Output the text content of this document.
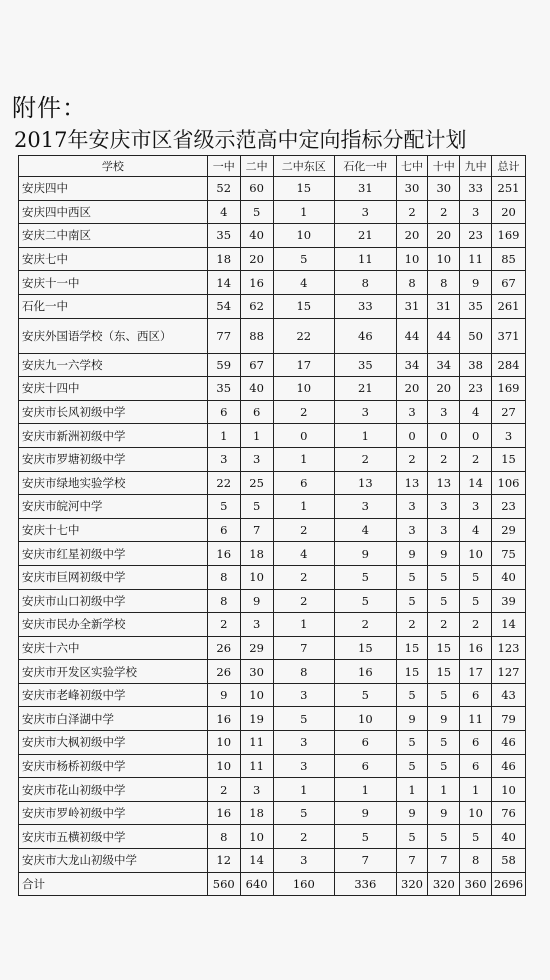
附件：
2017年安庆市区省级示范高中定向指标分配计划
学校	一中	二中	二中东区	石化一中	七中	十中	九中	总计
安庆四中	52	60	15	31	30	30	33	251
安庆四中西区	4	5	1	3	2	2	3	20
安庆二中南区	35	40	10	21	20	20	23	169
安庆七中	18	20	5	11	10	10	11	85
安庆十一中	14	16	4	8	8	8	9	67
石化一中	54	62	15	33	31	31	35	261
安庆外国语学校（东、西区）	77	88	22	46	44	44	50	371
安庆九一六学校	59	67	17	35	34	34	38	284
安庆十四中	35	40	10	21	20	20	23	169
安庆市长风初级中学	6	6	2	3	3	3	4	27
安庆市新洲初级中学	1	1	0	1	0	0	0	3
安庆市罗塘初级中学	3	3	1	2	2	2	2	15
安庆市绿地实验学校	22	25	6	13	13	13	14	106
安庆市皖河中学	5	5	1	3	3	3	3	23
安庆十七中	6	7	2	4	3	3	4	29
安庆市红星初级中学	16	18	4	9	9	9	10	75
安庆市巨网初级中学	8	10	2	5	5	5	5	40
安庆市山口初级中学	8	9	2	5	5	5	5	39
安庆市民办全新学校	2	3	1	2	2	2	2	14
安庆十六中	26	29	7	15	15	15	16	123
安庆市开发区实验学校	26	30	8	16	15	15	17	127
安庆市老峰初级中学	9	10	3	5	5	5	6	43
安庆市白泽湖中学	16	19	5	10	9	9	11	79
安庆市大枫初级中学	10	11	3	6	5	5	6	46
安庆市杨桥初级中学	10	11	3	6	5	5	6	46
安庆市花山初级中学	2	3	1	1	1	1	1	10
安庆市罗岭初级中学	16	18	5	9	9	9	10	76
安庆市五横初级中学	8	10	2	5	5	5	5	40
安庆市大龙山初级中学	12	14	3	7	7	7	8	58
合计	560	640	160	336	320	320	360	2696
